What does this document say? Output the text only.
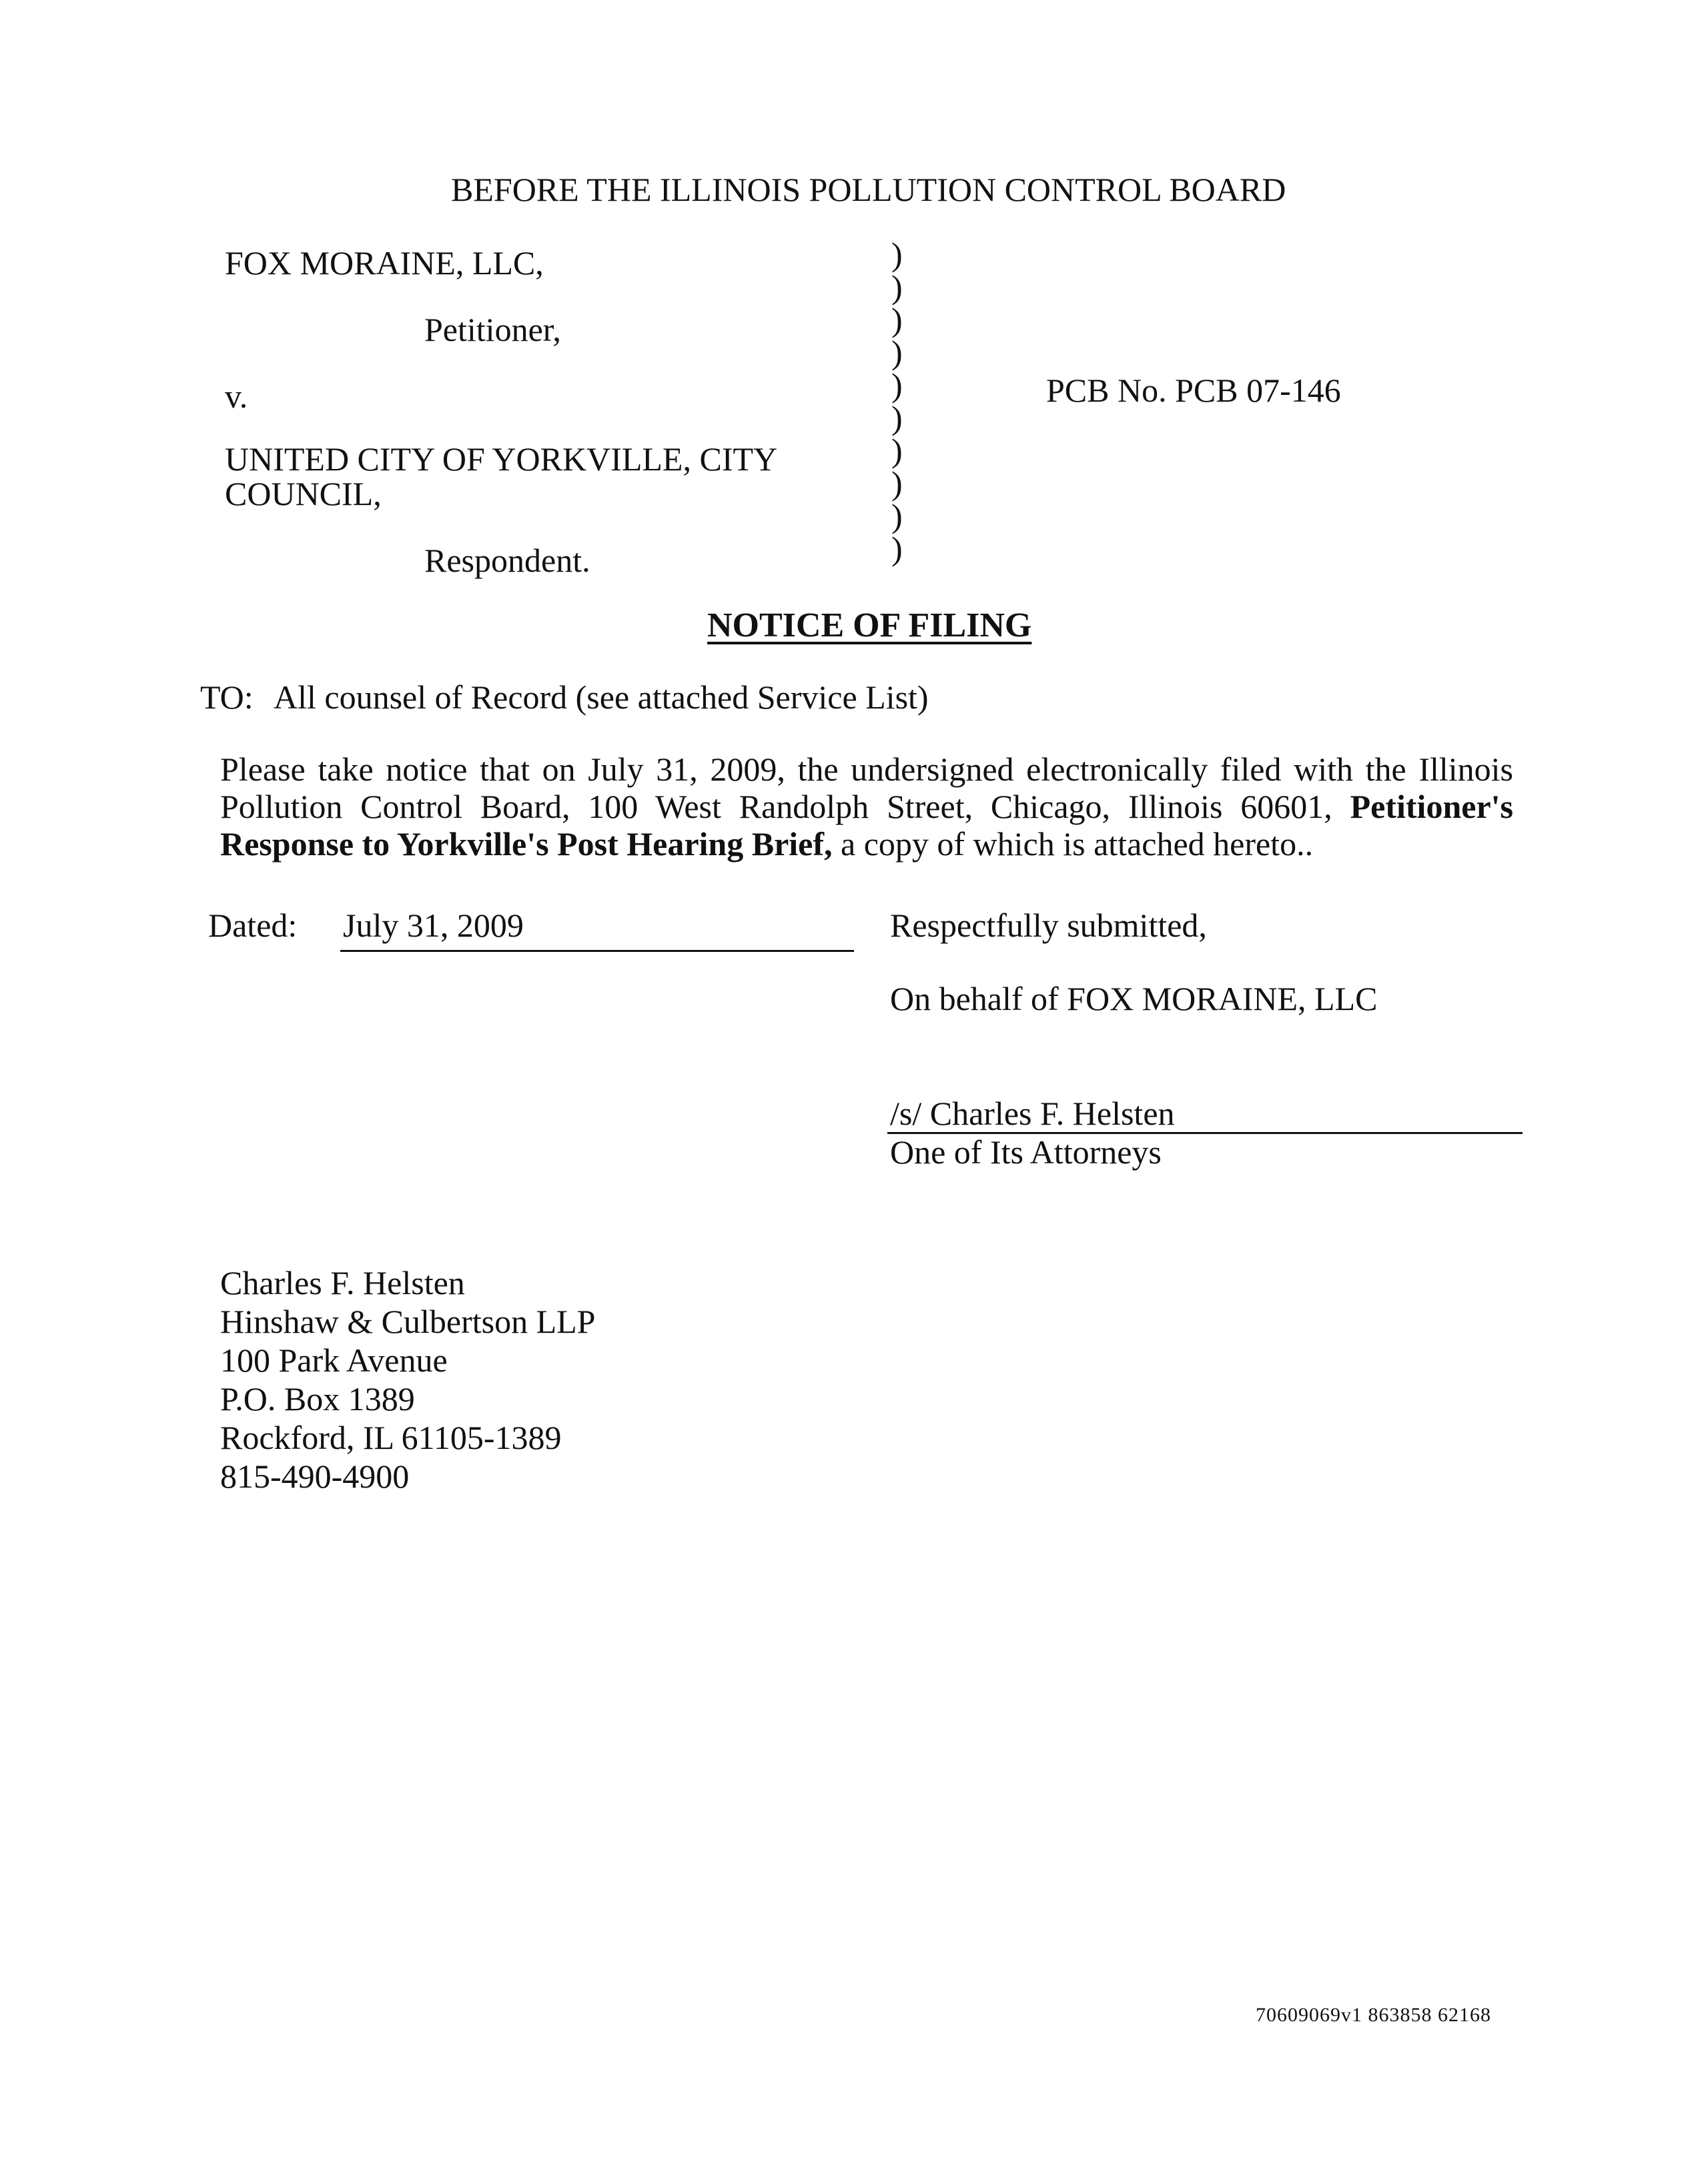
BEFORE THE ILLINOIS POLLUTION CONTROL BOARD
FOX MORAINE, LLC,
Petitioner,
v.
UNITED CITY OF YORKVILLE, CITY
COUNCIL,
Respondent.
)
)
)
)
)
)
)
)
)
)
PCB No. PCB 07-146
NOTICE OF FILING
TO: All counsel of Record (see attached Service List)
Please take notice that on July 31, 2009, the undersigned electronically filed with the Illinois Pollution Control Board, 100 West Randolph Street, Chicago, Illinois 60601, Petitioner's Response to Yorkville's Post Hearing Brief, a copy of which is attached hereto..
Dated: July 31, 2009	Respectfully submitted,
On behalf of FOX MORAINE, LLC
/s/ Charles F. Helsten
One of Its Attorneys
Charles F. Helsten
Hinshaw & Culbertson LLP
100 Park Avenue
P.O. Box 1389
Rockford, IL 61105-1389
815-490-4900
70609069v1 863858 62168
